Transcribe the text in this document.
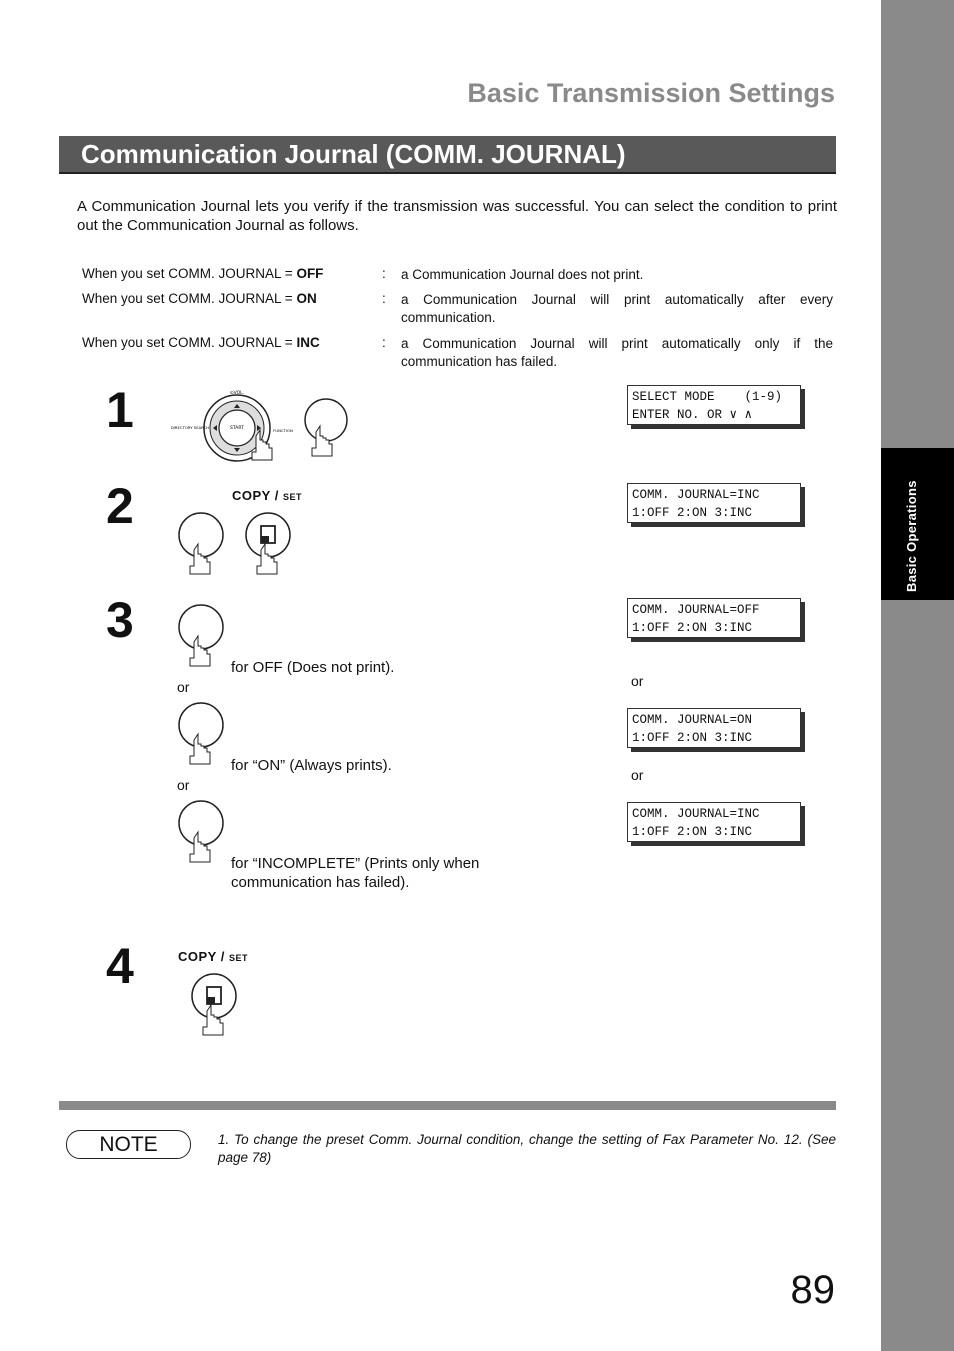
Basic Operations
Basic Transmission Settings
Communication Journal (COMM. JOURNAL)
A Communication Journal lets you verify if the transmission was successful. You can select the condition to print out the Communication Journal as follows.
When you set COMM. JOURNAL = OFF	: a Communication Journal does not print.
When you set COMM. JOURNAL = ON	: a Communication Journal will print automatically after every communication.
When you set COMM. JOURNAL = INC	: a Communication Journal will print automatically only if the communication has failed.
1	START
⊙VOL.
DIRECTORY SEARCH
FUNCTION
SELECT MODE    (1-9)
ENTER NO. OR ∨ ∧
2	COPY / SET	COMM. JOURNAL=INC
1:OFF 2:ON 3:INC
3
for OFF (Does not print).
or
for “ON” (Always prints).
or
for “INCOMPLETE” (Prints only when communication has failed).
COMM. JOURNAL=OFF
1:OFF 2:ON 3:INC
or
COMM. JOURNAL=ON
1:OFF 2:ON 3:INC
or
COMM. JOURNAL=INC
1:OFF 2:ON 3:INC
4	COPY / SET
NOTE	1. To change the preset Comm. Journal condition, change the setting of Fax Parameter No. 12. (See page 78)
89
